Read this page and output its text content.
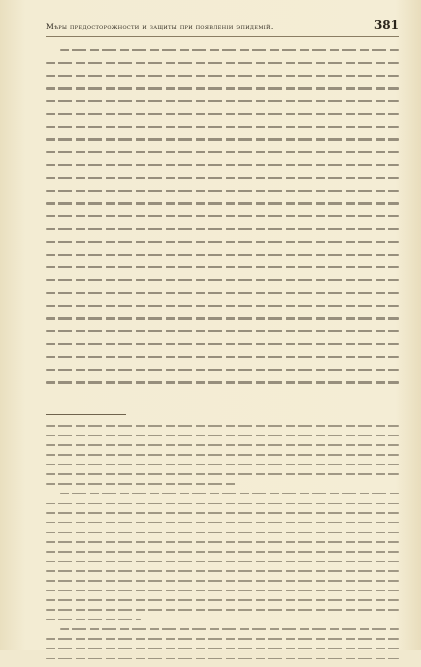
Мѣры предосторожности и защиты при появленіи эпидемій.	381
